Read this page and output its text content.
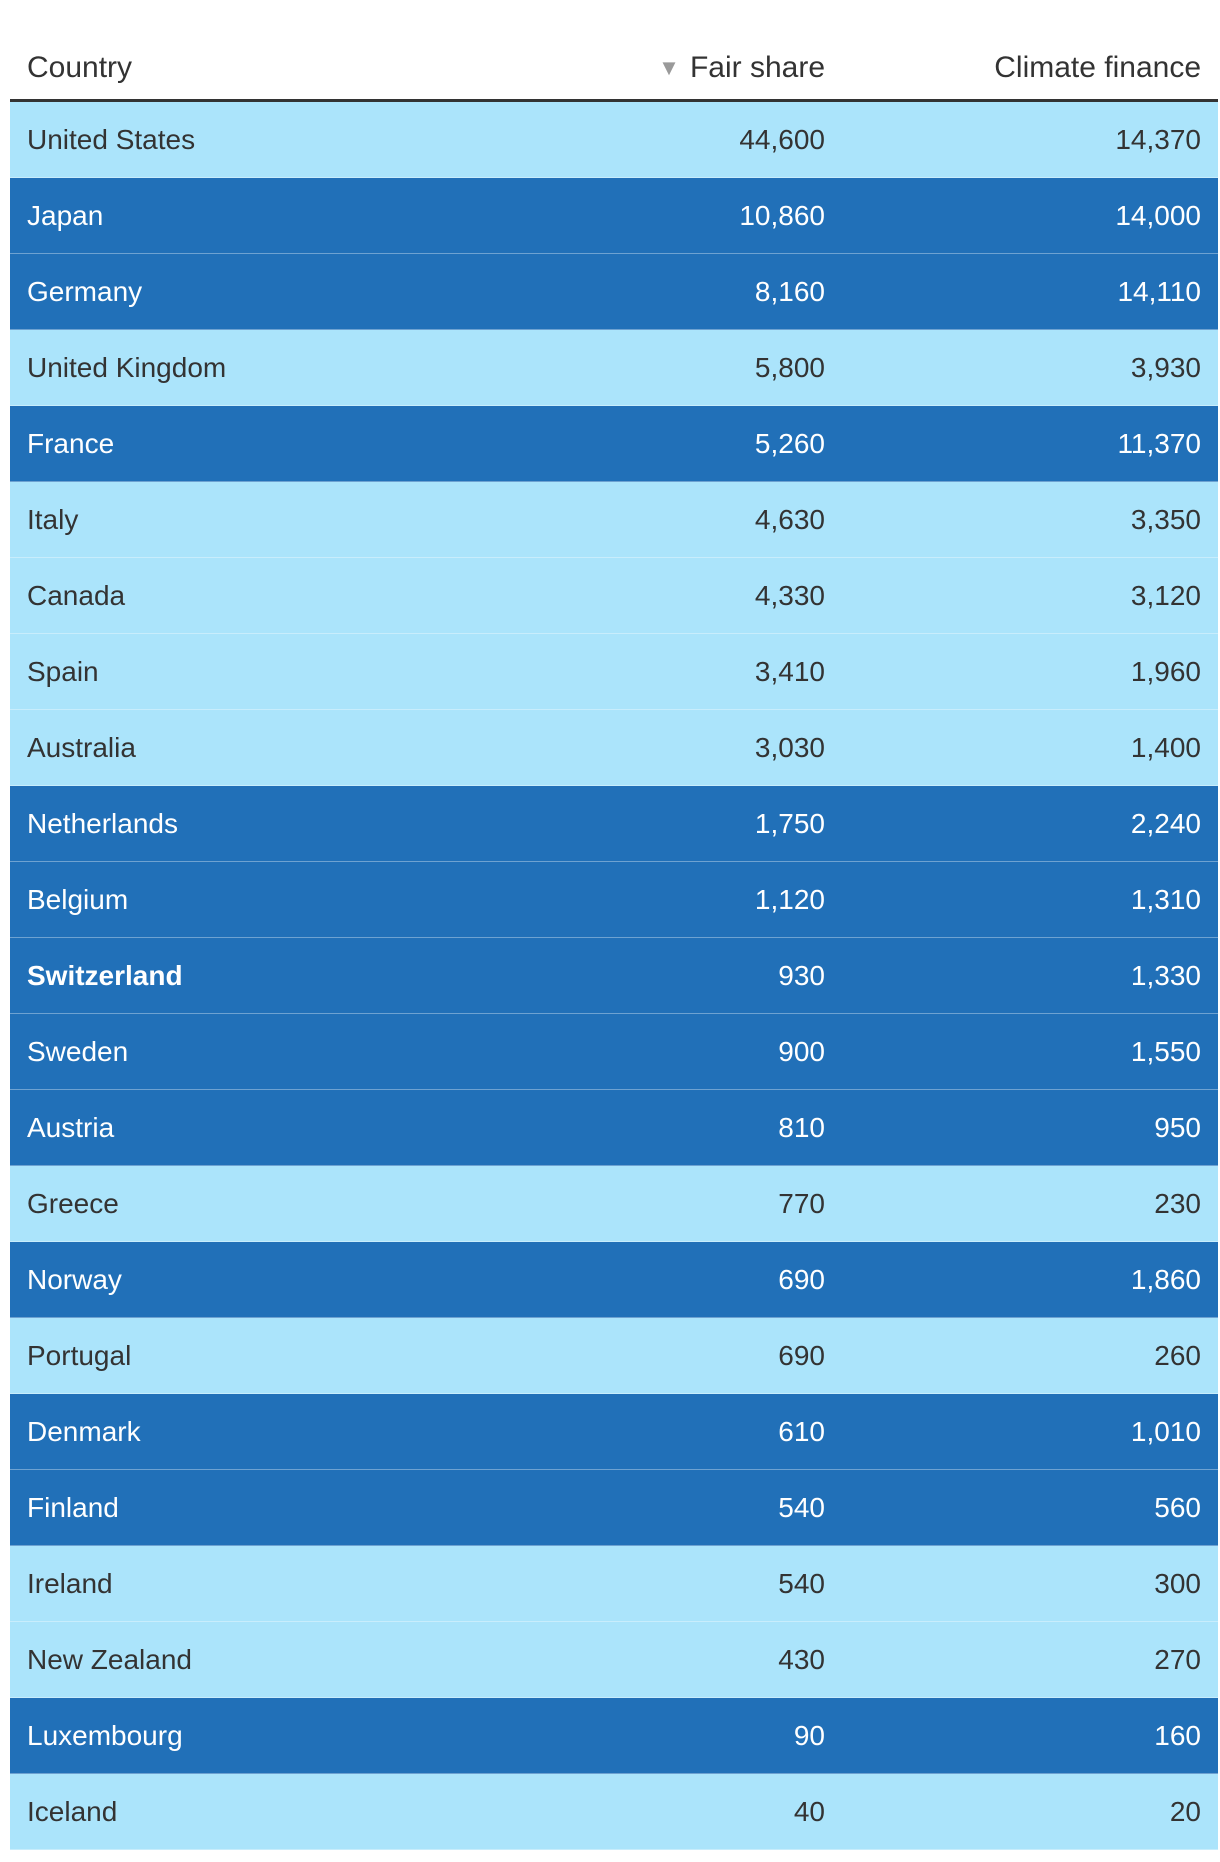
Country	▼ Fair share	Climate finance
United States	44,600	14,370
Japan	10,860	14,000
Germany	8,160	14,110
United Kingdom	5,800	3,930
France	5,260	11,370
Italy	4,630	3,350
Canada	4,330	3,120
Spain	3,410	1,960
Australia	3,030	1,400
Netherlands	1,750	2,240
Belgium	1,120	1,310
Switzerland	930	1,330
Sweden	900	1,550
Austria	810	950
Greece	770	230
Norway	690	1,860
Portugal	690	260
Denmark	610	1,010
Finland	540	560
Ireland	540	300
New Zealand	430	270
Luxembourg	90	160
Iceland	40	20
